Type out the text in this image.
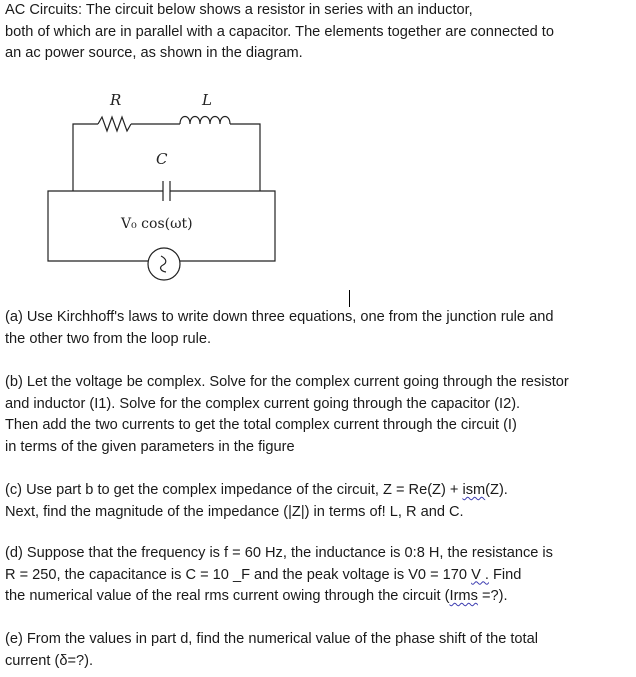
AC Circuits: The circuit below shows a resistor in series with an inductor,
both of which are in parallel with a capacitor. The elements together are connected to
an ac power source, as shown in the diagram.
R	L
C
V₀ cos(ωt)
(a) Use Kirchhoff's laws to write down three equations, one from the junction rule and
the other two from the loop rule.
(b) Let the voltage be complex. Solve for the complex current going through the resistor
and inductor (I1). Solve for the complex current going through the capacitor (I2).
Then add the two currents to get the total complex current through the circuit (I)
in terms of the given parameters in the figure
(c) Use part b to get the complex impedance of the circuit, Z = Re(Z) + ism(Z).
Next, find the magnitude of the impedance (|Z|) in terms of! L, R and C.
(d) Suppose that the frequency is f = 60 Hz, the inductance is 0:8 H, the resistance is
R = 250, the capacitance is C = 10 _F and the peak voltage is V0 = 170 V . Find
the numerical value of the real rms current owing through the circuit (Irms =?).
(e) From the values in part d, find the numerical value of the phase shift of the total
current (δ=?).
